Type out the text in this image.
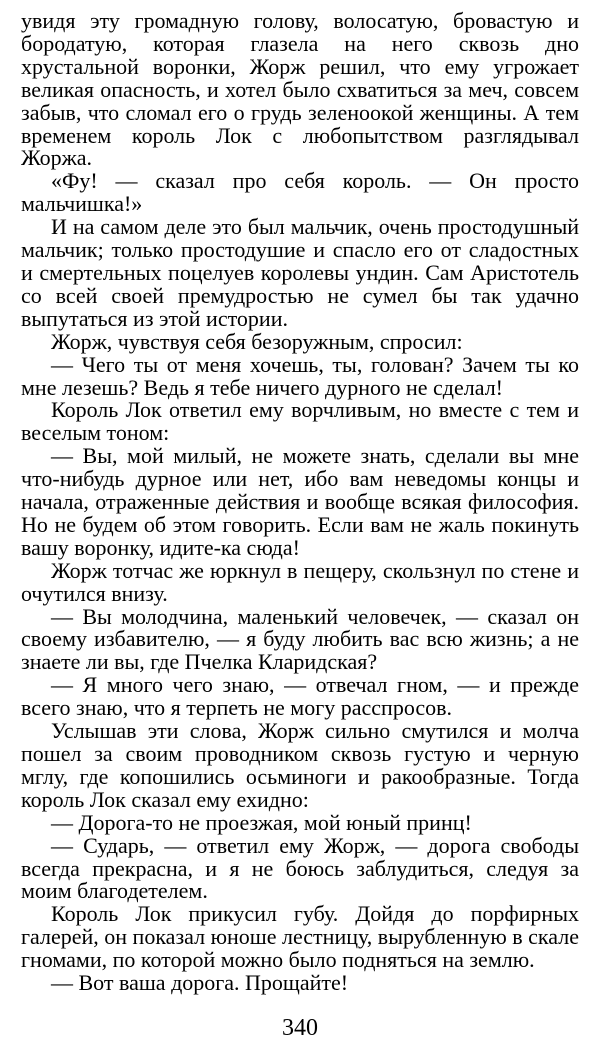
увидя эту громадную голову, волосатую, бровастую и бородатую, которая глазела на него сквозь дно хрустальной воронки, Жорж решил, что ему угрожает великая опасность, и хотел было схватиться за меч, совсем забыв, что сломал его о грудь зеленоокой женщины. А тем временем король Лок с любопытством разглядывал Жоржа.

«Фу! — сказал про себя король. — Он просто мальчишка!»

И на самом деле это был мальчик, очень простодушный мальчик; только простодушие и спасло его от сладостных и смертельных поцелуев королевы ундин. Сам Аристотель со всей своей премудростью не сумел бы так удачно выпутаться из этой истории.

Жорж, чувствуя себя безоружным, спросил:

— Чего ты от меня хочешь, ты, голован? Зачем ты ко мне лезешь? Ведь я тебе ничего дурного не сделал!

Король Лок ответил ему ворчливым, но вместе с тем и веселым тоном:

— Вы, мой милый, не можете знать, сделали вы мне что-нибудь дурное или нет, ибо вам неведомы концы и начала, отраженные действия и вообще всякая философия. Но не будем об этом говорить. Если вам не жаль покинуть вашу воронку, идите-ка сюда!

Жорж тотчас же юркнул в пещеру, скользнул по стене и очутился внизу.

— Вы молодчина, маленький человечек, — сказал он своему избавителю, — я буду любить вас всю жизнь; а не знаете ли вы, где Пчелка Кларидская?

— Я много чего знаю, — отвечал гном, — и прежде всего знаю, что я терпеть не могу расспросов.

Услышав эти слова, Жорж сильно смутился и молча пошел за своим проводником сквозь густую и черную мглу, где копошились осьминоги и ракообразные. Тогда король Лок сказал ему ехидно:

— Дорога-то не проезжая, мой юный принц!

— Сударь, — ответил ему Жорж, — дорога свободы всегда прекрасна, и я не боюсь заблудиться, следуя за моим благодетелем.

Король Лок прикусил губу. Дойдя до порфирных галерей, он показал юноше лестницу, вырубленную в скале гномами, по которой можно было подняться на землю.

— Вот ваша дорога. Прощайте!

340
